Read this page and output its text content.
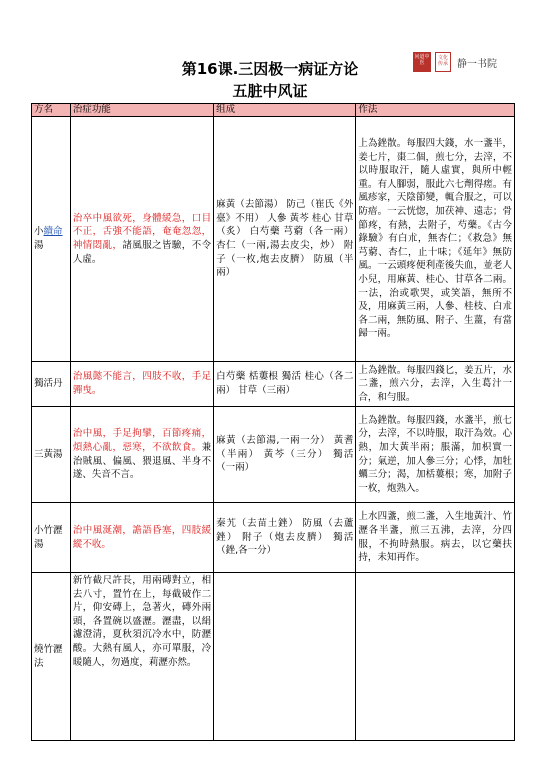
第16课.三因极一病证方论
五脏中风证
问道中医
文化传承 静一书院
方名	治症功能	组成	作法
小續命湯	治卒中風欲死，身體緩急，口目不正，舌強不能語，奄奄忽忽，神情悶亂，諸風服之皆驗，不令人虛。	麻黃（去節湯） 防己（崔氏《外臺》不用） 人參 黃芩 桂心 甘草（炙） 白芍藥 芎藭（各一兩） 杏仁（一兩,湯去皮尖，炒） 附子（一枚,炮去皮臍） 防風（半兩）	上為銼散。每服四大錢，水一盞半，姜七片，棗二個，煎七分，去滓，不以時服取汗，隨人虛實，與所中輕重。有人腳弱，服此六七劑得瘥。有風疹家，天陰節變，輒合服之，可以防瘖。一云恍惚，加茯神、遠志；骨節疼，有熱，去附子，芍藥。《古今錄驗》有白朮，無杏仁；《救急》無芎藭、杏仁，止十味；《延年》無防風。一云頭疼便利產後失血，並老人小兒，用麻黃、桂心、甘草各二兩。一法，治或歌哭，或笑語，無所不及，用麻黃三兩，人參、桂枝、白朮各二兩，無防風、附子、生薑，有當歸一兩。
獨活丹	治風懿不能言，四肢不收，手足嚲曳。	白芍藥 栝蔞根 獨活 桂心（各二兩） 甘草（三兩）	上為銼散。每服四錢匕，姜五片，水二盞，煎六分，去滓，入生葛汁一合，和勻服。
三黃湯	治中風，手足拘攣，百節疼痛，煩熱心亂，惡寒，不欲飲食。兼治賊風、偏風、猥退風、半身不遂、失音不言。	麻黃（去節湯,一兩一分） 黃耆（半兩） 黃芩（三分） 獨活（一兩）	上為銼散。每服四錢，水盞半，煎七分，去滓，不以時服，取汗為效。心熱，加大黃半兩；脹滿，加枳實一分；氣逆，加人參三分；心悸，加牡蠣三分；渴，加栝蔞根；寒，加附子一枚，炮熟入。
小竹瀝湯	治中風涎潮，譫語昏塞，四肢緩縱不收。	秦艽（去苗土銼） 防風（去蘆銼） 附子（炮去皮臍） 獨活（銼,各一分）	上水四盞，煎二盞，入生地黃汁、竹瀝各半盞，煎三五沸，去滓，分四服，不拘時熱服。病去，以它藥扶持，未知再作。
燒竹瀝法	新竹截尺許長，用兩磚對立，相去八寸，置竹在上，每截破作二片，仰安磚上，急著火，磚外兩頭，各置碗以盛瀝。瀝盡，以絹濾澄清，夏秋須沉冷水中，防瀝酸。大熱有風人，亦可單服，冷暖隨人，勿過度，莉瀝亦然。		
